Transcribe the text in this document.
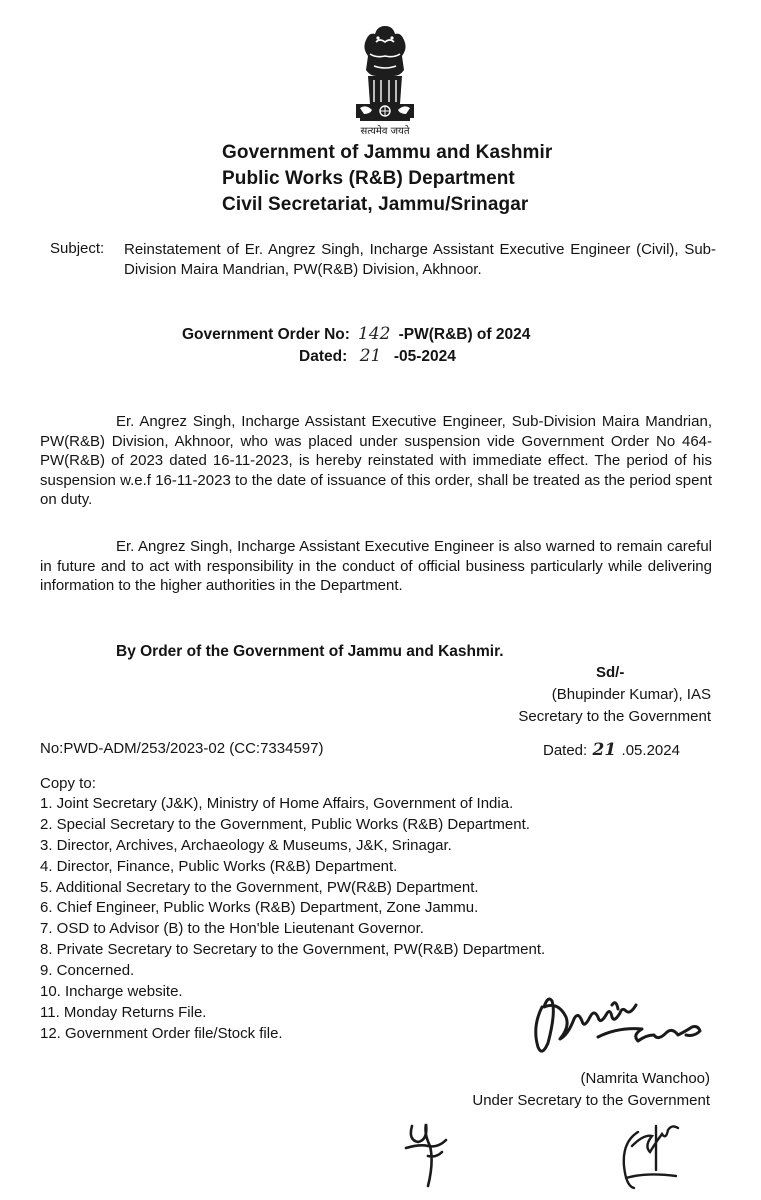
सत्यमेव जयते
Government of Jammu and Kashmir
Public Works (R&B) Department
Civil Secretariat, Jammu/Srinagar
Subject: Reinstatement of Er. Angrez Singh, Incharge Assistant Executive Engineer (Civil), Sub-Division Maira Mandrian, PW(R&B) Division, Akhnoor.
Government Order No: 142 -PW(R&B) of 2024
Dated: 21 -05-2024
Er. Angrez Singh, Incharge Assistant Executive Engineer, Sub-Division Maira Mandrian, PW(R&B) Division, Akhnoor, who was placed under suspension vide Government Order No 464-PW(R&B) of 2023 dated 16-11-2023, is hereby reinstated with immediate effect. The period of his suspension w.e.f 16-11-2023 to the date of issuance of this order, shall be treated as the period spent on duty.
Er. Angrez Singh, Incharge Assistant Executive Engineer is also warned to remain careful in future and to act with responsibility in the conduct of official business particularly while delivering information to the higher authorities in the Department.
By Order of the Government of Jammu and Kashmir.
Sd/-
(Bhupinder Kumar), IAS
Secretary to the Government
No:PWD-ADM/253/2023-02 (CC:7334597)	Dated: 21 .05.2024
Copy to:
1. Joint Secretary (J&K), Ministry of Home Affairs, Government of India.
2. Special Secretary to the Government, Public Works (R&B) Department.
3. Director, Archives, Archaeology & Museums, J&K, Srinagar.
4. Director, Finance, Public Works (R&B) Department.
5. Additional Secretary to the Government, PW(R&B) Department.
6. Chief Engineer, Public Works (R&B) Department, Zone Jammu.
7. OSD to Advisor (B) to the Hon'ble Lieutenant Governor.
8. Private Secretary to Secretary to the Government, PW(R&B) Department.
9. Concerned.
10. Incharge website.
11. Monday Returns File.
12. Government Order file/Stock file.
(Namrita Wanchoo)
Under Secretary to the Government
